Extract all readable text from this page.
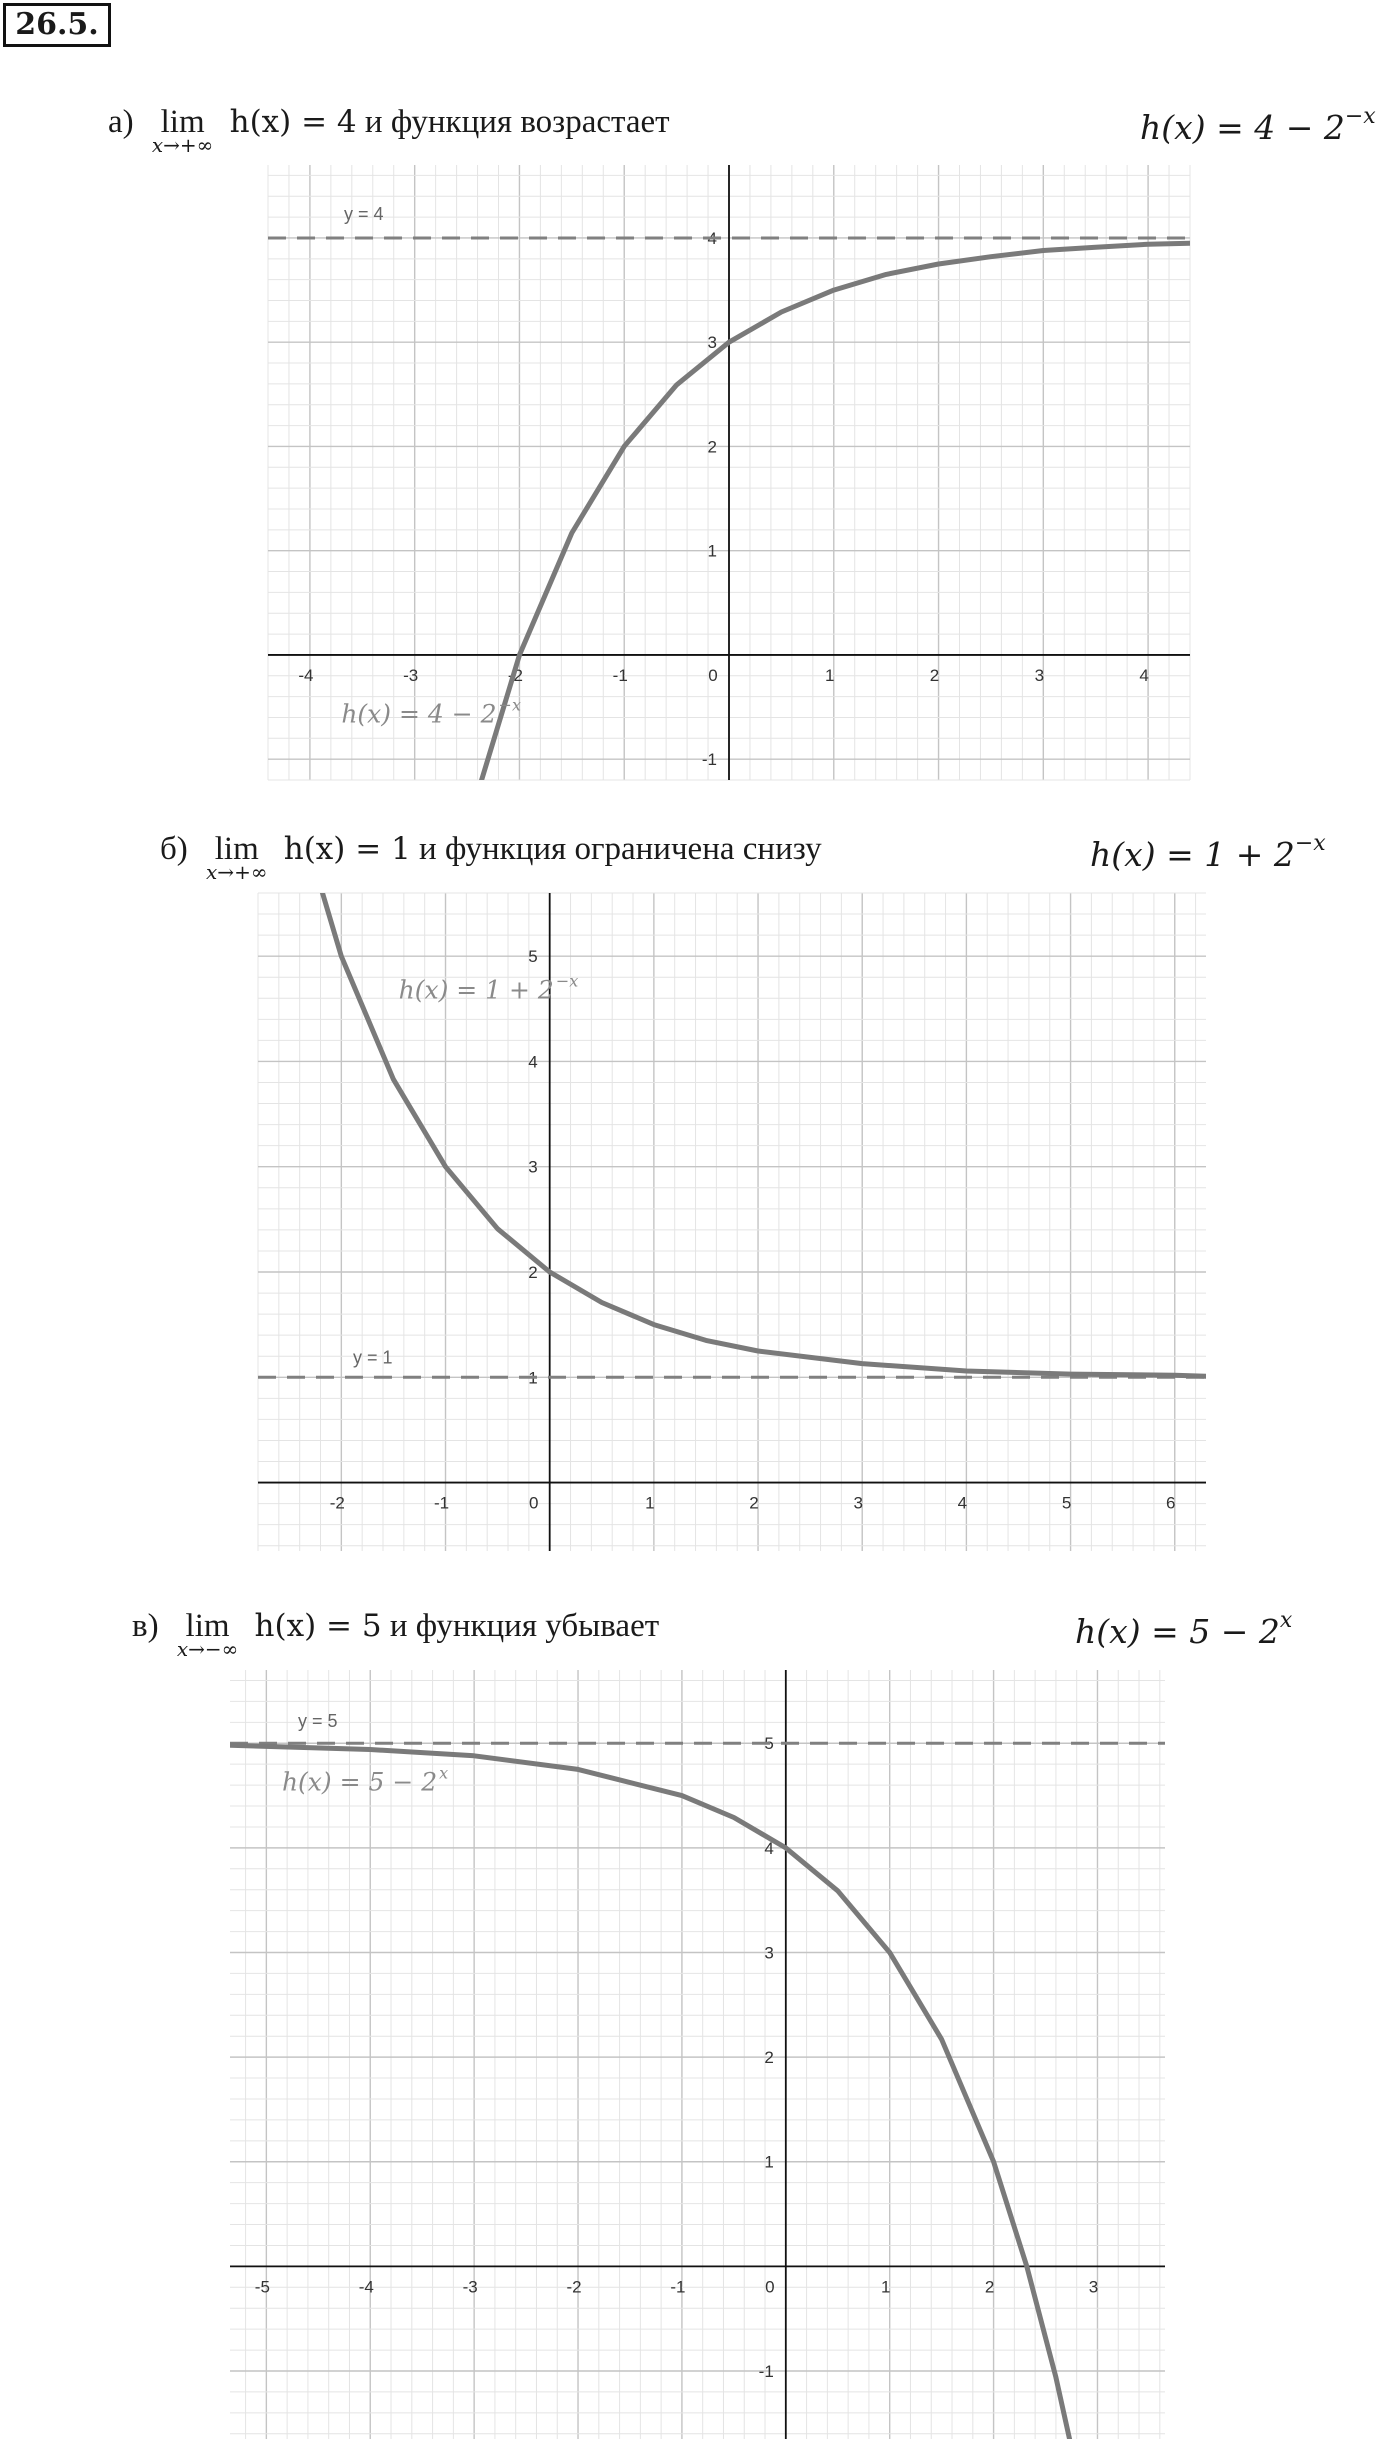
26.5.
а) lim
x→+∞
h(x) = 4 и функция возрастает	$h(x) = 4 - 2^{-x}$
-4	-3	-2	-1	0	1	2	3	4
-1
1
2
3
4
y = 4
h(x) = 4 − 2 −x
б) lim
x→+∞
h(x) = 1 и функция ограничена снизу	$h(x) = 1 + 2^{-x}$
-2	-1	0	1	2	3	4	5	6
1
2
3
4
5
y = 1
h(x) = 1 + 2 −x
в) lim
x→−∞
h(x) = 5 и функция убывает	$h(x) = 5 - 2^x$
-5	-4	-3	-2	-1	0	1	2	3
-1
1
2
3
4
5
y = 5
h(x) = 5 − 2 x
